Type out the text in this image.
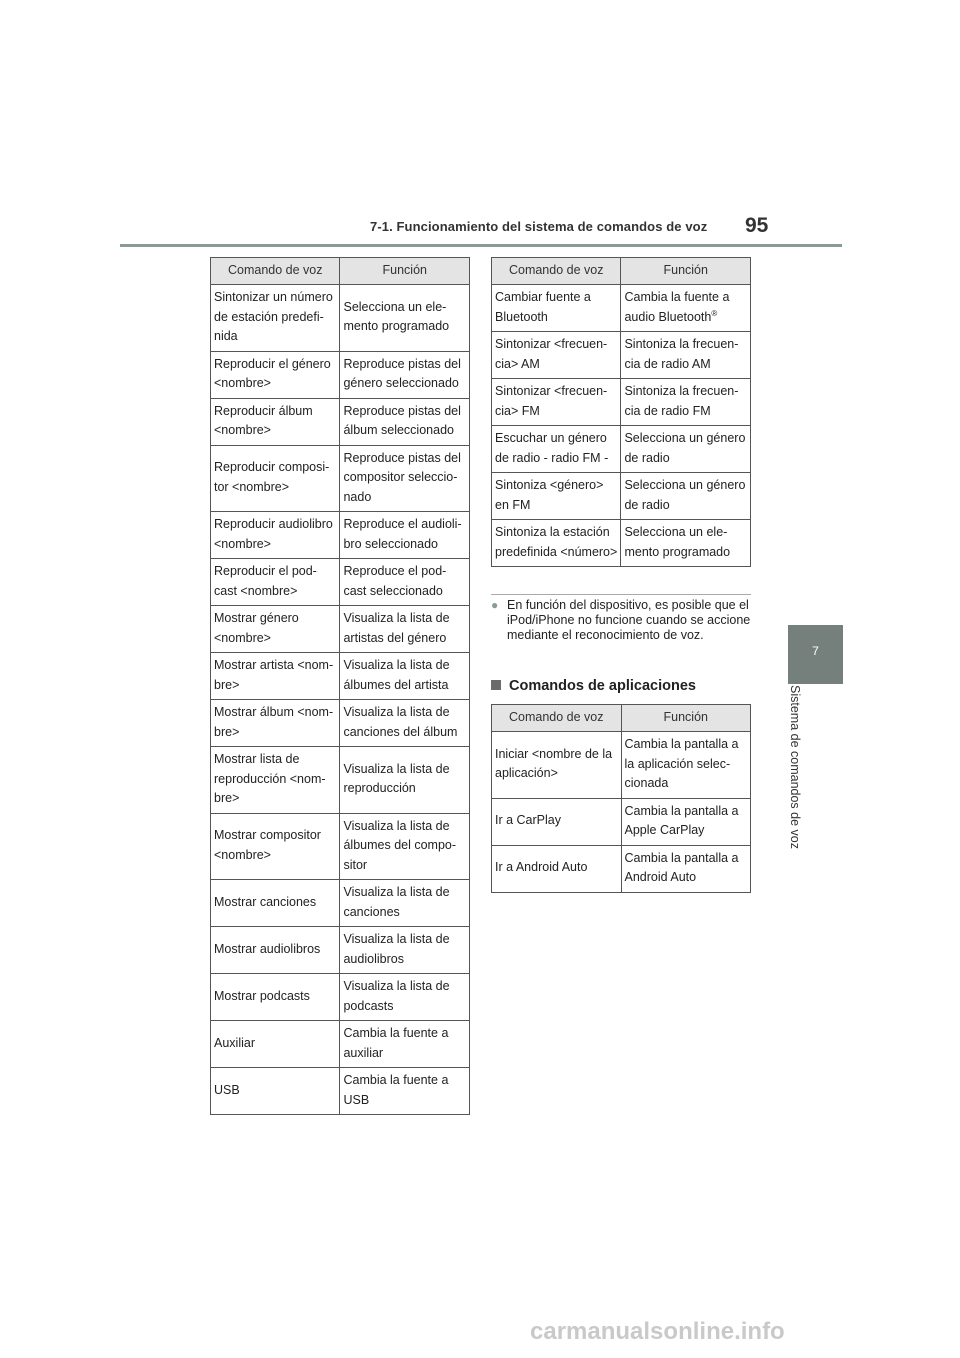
7-1. Funcionamiento del sistema de comandos de voz 95
7
Sistema de comandos de voz
Comando de voz	Función
Sintonizar un número de estación predefi-nida	Selecciona un ele-mento programado
Reproducir el género <nombre>	Reproduce pistas del género seleccionado
Reproducir álbum <nombre>	Reproduce pistas del álbum seleccionado
Reproducir composi-tor <nombre>	Reproduce pistas del compositor seleccio-nado
Reproducir audiolibro <nombre>	Reproduce el audioli-bro seleccionado
Reproducir el pod-cast <nombre>	Reproduce el pod-cast seleccionado
Mostrar género <nombre>	Visualiza la lista de artistas del género
Mostrar artista <nom-bre>	Visualiza la lista de álbumes del artista
Mostrar álbum <nom-bre>	Visualiza la lista de canciones del álbum
Mostrar lista de reproducción <nom-bre>	Visualiza la lista de reproducción
Mostrar compositor <nombre>	Visualiza la lista de álbumes del compo-sitor
Mostrar canciones	Visualiza la lista de canciones
Mostrar audiolibros	Visualiza la lista de audiolibros
Mostrar podcasts	Visualiza la lista de podcasts
Auxiliar	Cambia la fuente a auxiliar
USB	Cambia la fuente a USB
Comando de voz	Función
Cambiar fuente a Bluetooth	Cambia la fuente a audio Bluetooth®
Sintonizar <frecuen-cia> AM	Sintoniza la frecuen-cia de radio AM
Sintonizar <frecuen-cia> FM	Sintoniza la frecuen-cia de radio FM
Escuchar un género de radio - radio FM -	Selecciona un género de radio
Sintoniza <género> en FM	Selecciona un género de radio
Sintoniza la estación predefinida <número>	Selecciona un ele-mento programado
● En función del dispositivo, es posible que el iPod/iPhone no funcione cuando se accione mediante el reconocimiento de voz.
Comandos de aplicaciones
Comando de voz	Función
Iniciar <nombre de la aplicación>	Cambia la pantalla a la aplicación selec-cionada
Ir a CarPlay	Cambia la pantalla a Apple CarPlay
Ir a Android Auto	Cambia la pantalla a Android Auto
carmanualsonline.info
